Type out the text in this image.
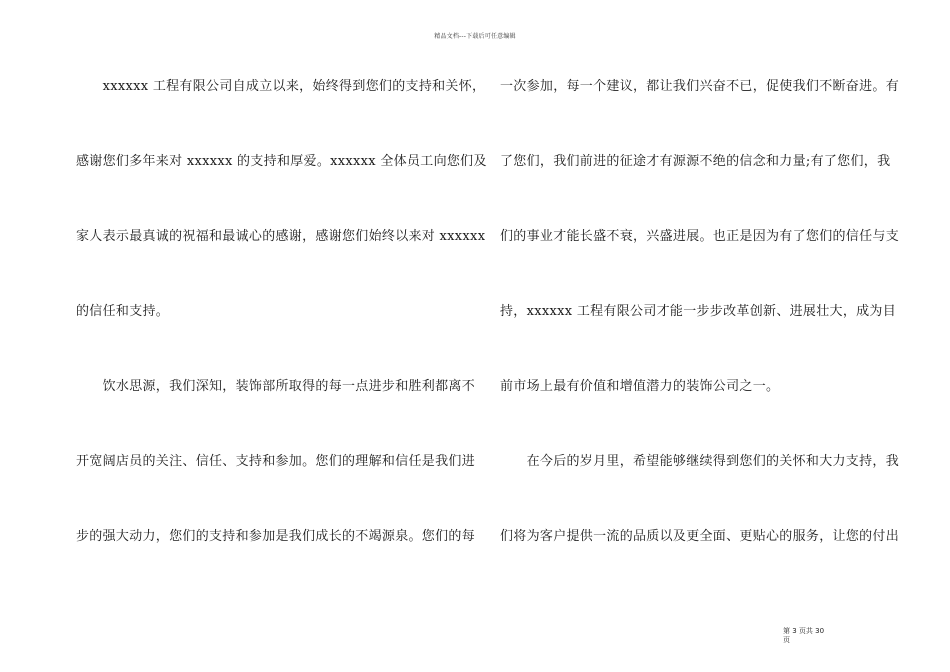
精品文档---下载后可任意编辑
　　xxxxxx 工程有限公司自成立以来，始终得到您们的支持和关怀，
感谢您们多年来对 xxxxxx 的支持和厚爱。xxxxxx 全体员工向您们及
家人表示最真诚的祝福和最诚心的感谢，感谢您们始终以来对 xxxxxx
的信任和支持。
　　饮水思源，我们深知，装饰部所取得的每一点进步和胜利都离不
开宽阔店员的关注、信任、支持和参加。您们的理解和信任是我们进
步的强大动力，您们的支持和参加是我们成长的不竭源泉。您们的每
一次参加，每一个建议，都让我们兴奋不已，促使我们不断奋进。有
了您们，我们前进的征途才有源源不绝的信念和力量;有了您们，我
们的事业才能长盛不衰，兴盛进展。也正是因为有了您们的信任与支
持，xxxxxx 工程有限公司才能一步步改革创新、进展壮大，成为目
前市场上最有价值和增值潜力的装饰公司之一。
　　在今后的岁月里，希望能够继续得到您们的关怀和大力支持，我
们将为客户提供一流的品质以及更全面、更贴心的服务，让您的付出
第 3 页共 30
页
